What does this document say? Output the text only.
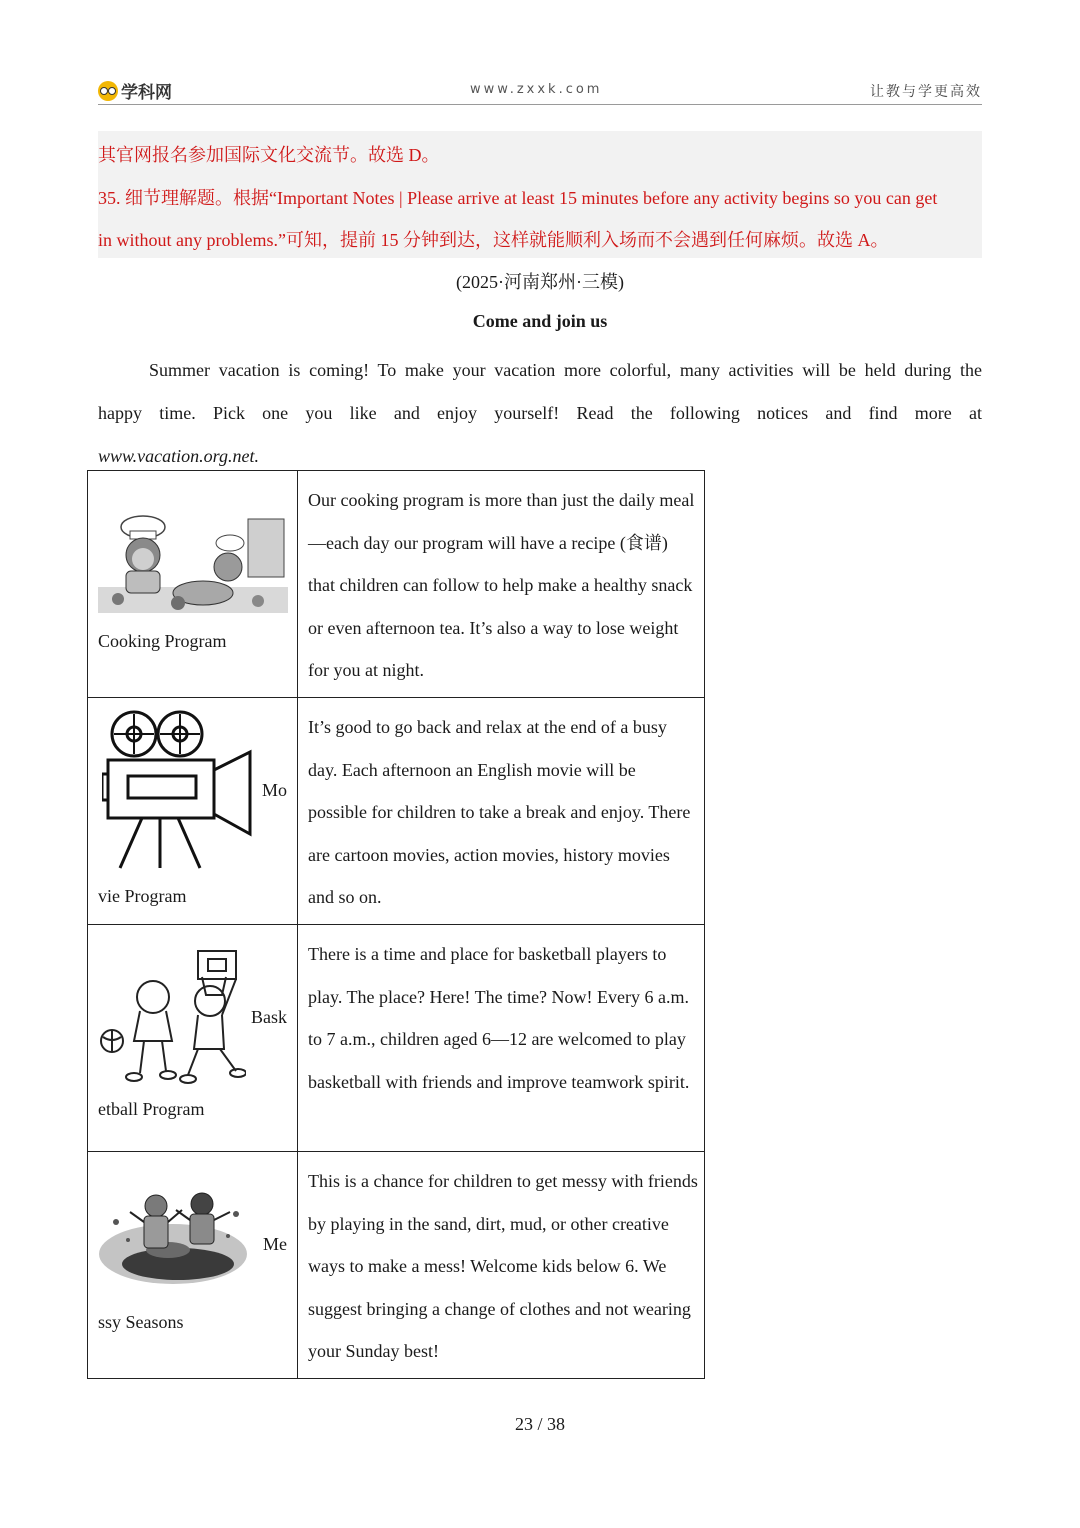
学科网	www.zxxk.com	让教与学更高效
其官网报名参加国际文化交流节。故选 D。
35. 细节理解题。根据“Important Notes | Please arrive at least 15 minutes before any activity begins so you can get
in without any problems.”可知，提前 15 分钟到达，这样就能顺利入场而不会遇到任何麻烦。故选 A。
(2025·河南郑州·三模)
Come and join us

Summer vacation is coming! To make your vacation more colorful, many activities will be held during the

happy time. Pick one you like and enjoy yourself! Read the following notices and find more at

www.vacation.org.net.

Cooking Program	Our cooking program is more than just the daily meal—each day our program will have a recipe (食谱) that children can follow to help make a healthy snack or even afternoon tea. It’s also a way to lose weight for you at night.

Mo
vie Program	It’s good to go back and relax at the end of a busy day. Each afternoon an English movie will be possible for children to take a break and enjoy. There are cartoon movies, action movies, history movies and so on.

Bask
etball Program	There is a time and place for basketball players to play. The place? Here! The time? Now! Every 6 a.m. to 7 a.m., children aged 6—12 are welcomed to play basketball with friends and improve teamwork spirit.

Me
ssy Seasons	This is a chance for children to get messy with friends by playing in the sand, dirt, mud, or other creative ways to make a mess! Welcome kids below 6. We suggest bringing a change of clothes and not wearing your Sunday best!

23 / 38
